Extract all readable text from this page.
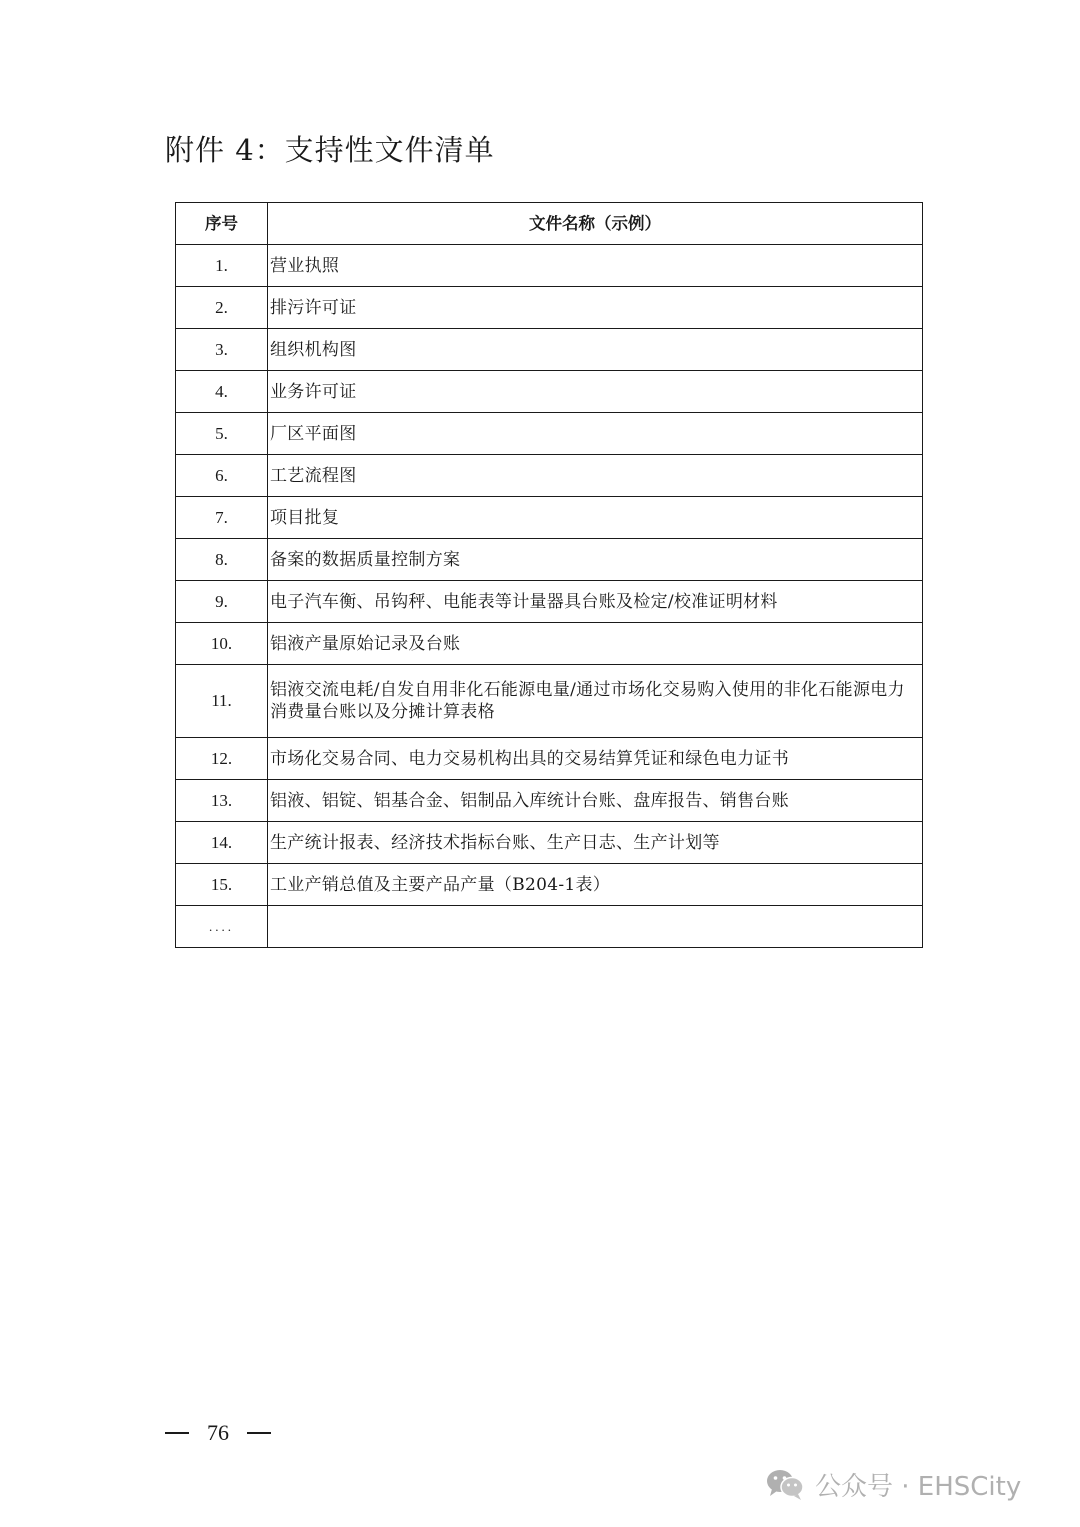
附件 4：支持性文件清单
序号	文件名称（示例）
1.	营业执照
2.	排污许可证
3.	组织机构图
4.	业务许可证
5.	厂区平面图
6.	工艺流程图
7.	项目批复
8.	备案的数据质量控制方案
9.	电子汽车衡、吊钩秤、电能表等计量器具台账及检定/校准证明材料
10.	铝液产量原始记录及台账
11.	铝液交流电耗/自发自用非化石能源电量/通过市场化交易购入使用的非化石能源电力消费量台账以及分摊计算表格
12.	市场化交易合同、电力交易机构出具的交易结算凭证和绿色电力证书
13.	铝液、铝锭、铝基合金、铝制品入库统计台账、盘库报告、销售台账
14.	生产统计报表、经济技术指标台账、生产日志、生产计划等
15.	工业产销总值及主要产品产量（B204-1表）
....	
76
公众号 · EHSCity
